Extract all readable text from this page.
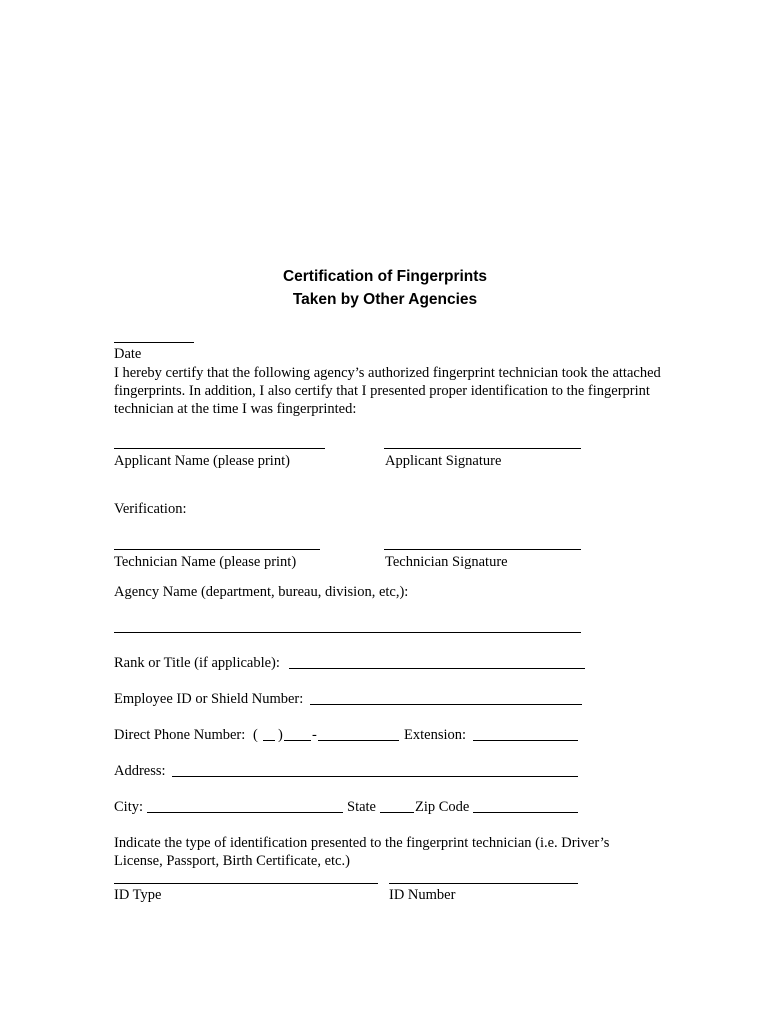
Certification of Fingerprints
Taken by Other Agencies
Date
I hereby certify that the following agency’s authorized fingerprint technician took the attached fingerprints. In addition, I also certify that I presented proper identification to the fingerprint technician at the time I was fingerprinted:
Applicant Name (please print)	Applicant Signature
Verification:
Technician Name (please print)	Technician Signature
Agency Name (department, bureau, division, etc,):
Rank or Title (if applicable):
Employee ID or Shield Number:
Direct Phone Number: ( ) -	Extension:
Address:
City:	State	Zip Code
Indicate the type of identification presented to the fingerprint technician (i.e. Driver’s License, Passport, Birth Certificate, etc.)
ID Type	ID Number
